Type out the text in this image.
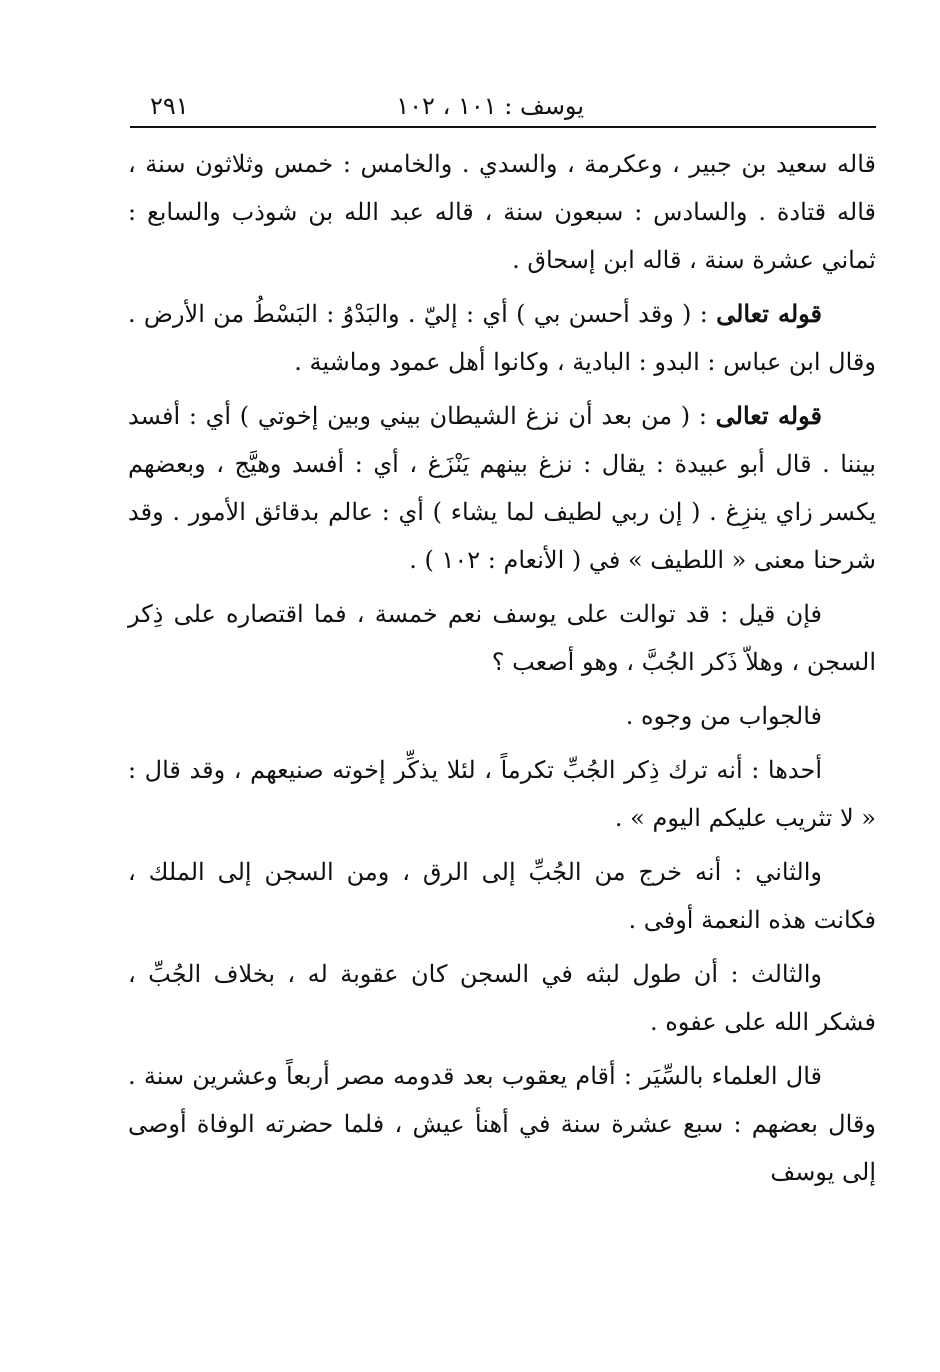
يوسف : ١٠١ ، ١٠٢
٢٩١

قاله سعيد بن جبير ، وعكرمة ، والسدي . والخامس : خمس وثلاثون سنة ، قاله قتادة . والسادس : سبعون سنة ، قاله عبد الله بن شوذب والسابع : ثماني عشرة سنة ، قاله ابن إسحاق .

قوله تعالى : ( وقد أحسن بي ) أي : إليّ . والبَدْوُ : البَسْطُ من الأرض . وقال ابن عباس : البدو : البادية ، وكانوا أهل عمود وماشية .

قوله تعالى : ( من بعد أن نزغ الشيطان بيني وبين إخوتي ) أي : أفسد بيننا . قال أبو عبيدة : يقال : نزغ بينهم يَنْزَغ ، أي : أفسد وهيَّج ، وبعضهم يكسر زاي ينزِغ . ( إن ربي لطيف لما يشاء ) أي : عالم بدقائق الأمور . وقد شرحنا معنى « اللطيف » في ( الأنعام : ١٠٢ ) .

فإن قيل : قد توالت على يوسف نعم خمسة ، فما اقتصاره على ذِكر السجن ، وهلاّ ذَكر الجُبَّ ، وهو أصعب ؟

فالجواب من وجوه .

أحدها : أنه ترك ذِكر الجُبِّ تكرماً ، لئلا يذكِّر إخوته صنيعهم ، وقد قال : « لا تثريب عليكم اليوم » .

والثاني : أنه خرج من الجُبِّ إلى الرق ، ومن السجن إلى الملك ، فكانت هذه النعمة أوفى .

والثالث : أن طول لبثه في السجن كان عقوبة له ، بخلاف الجُبِّ ، فشكر الله على عفوه .

قال العلماء بالسِّيَر : أقام يعقوب بعد قدومه مصر أربعاً وعشرين سنة . وقال بعضهم : سبع عشرة سنة في أهنأ عيش ، فلما حضرته الوفاة أوصى إلى يوسف
